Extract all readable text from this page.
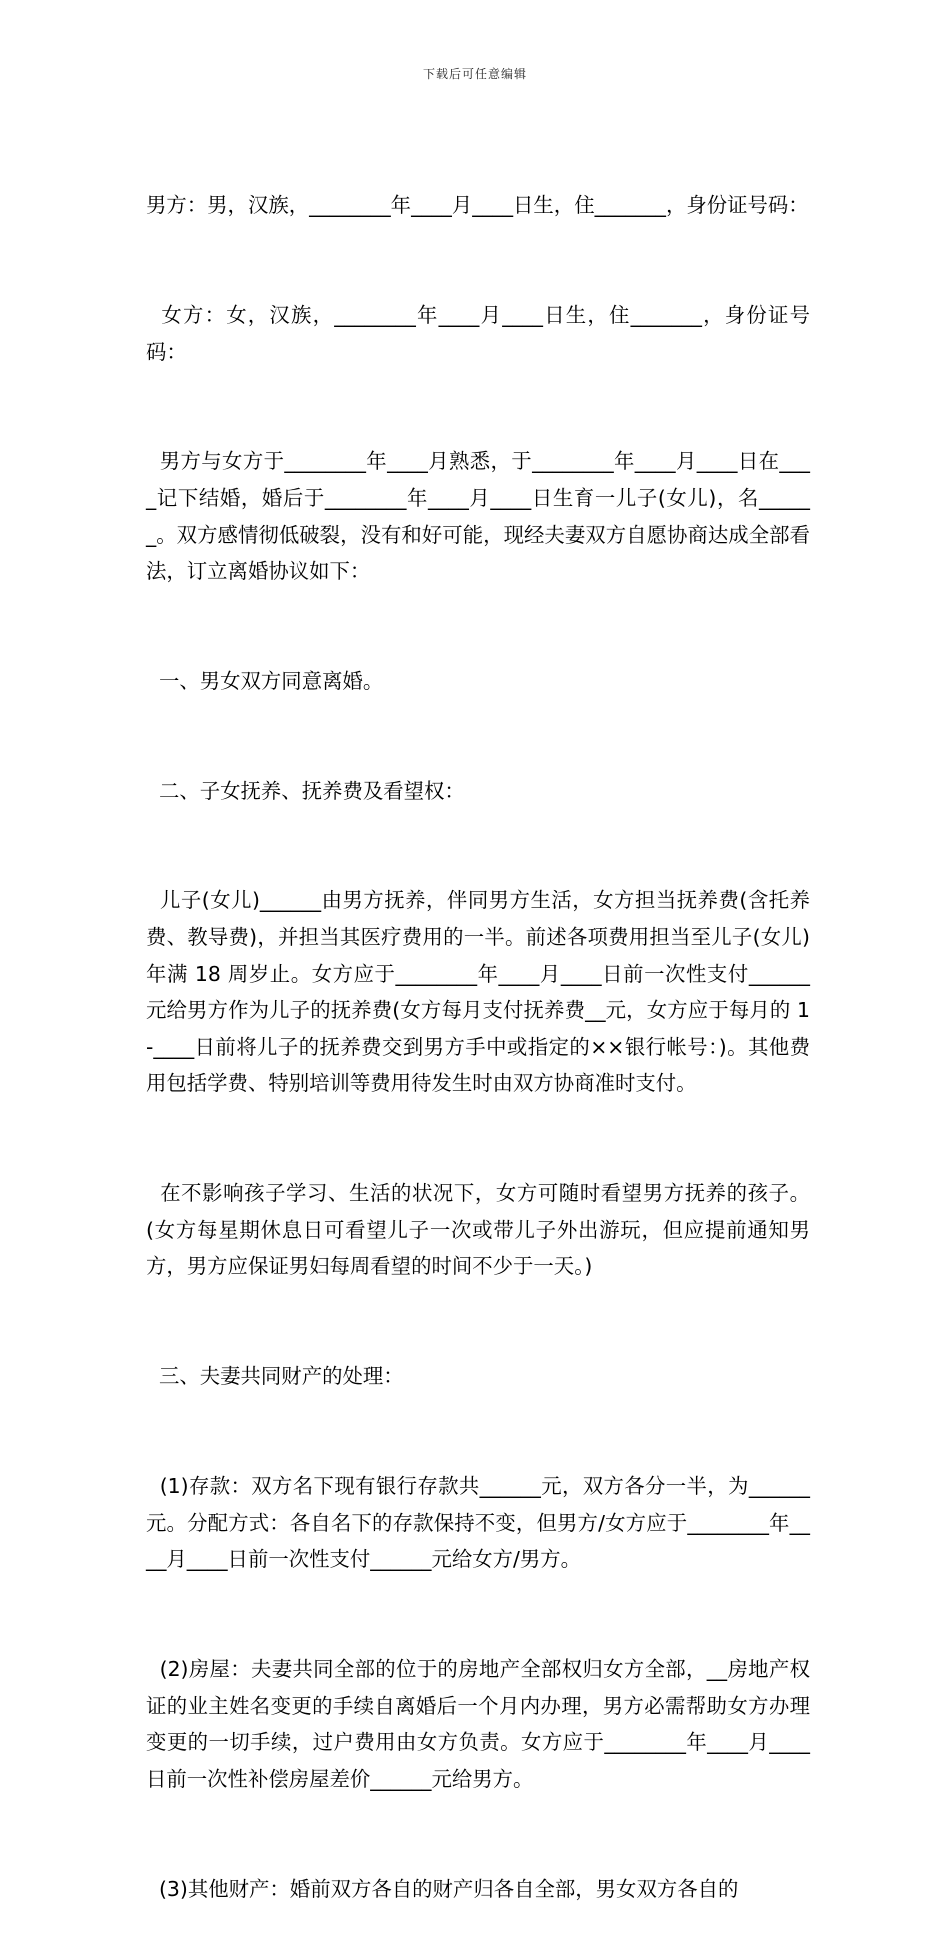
下载后可任意编辑

男方：男，汉族，________年____月____日生，住_______，身份证号码：

女方：女，汉族，________年____月____日生，住_______，身份证号码：

男方与女方于________年____月熟悉，于________年____月____日在____记下结婚，婚后于________年____月____日生育一儿子(女儿)，名______。双方感情彻低破裂，没有和好可能，现经夫妻双方自愿协商达成全部看法，订立离婚协议如下：

一、男女双方同意离婚。

二、子女抚养、抚养费及看望权：

儿子(女儿)______由男方抚养，伴同男方生活，女方担当抚养费(含托养费、教导费)，并担当其医疗费用的一半。前述各项费用担当至儿子(女儿)年满 18 周岁止。女方应于________年____月____日前一次性支付______元给男方作为儿子的抚养费(女方每月支付抚养费__元，女方应于每月的 1-____日前将儿子的抚养费交到男方手中或指定的××银行帐号：)。其他费用包括学费、特别培训等费用待发生时由双方协商准时支付。

在不影响孩子学习、生活的状况下，女方可随时看望男方抚养的孩子。(女方每星期休息日可看望儿子一次或带儿子外出游玩，但应提前通知男方，男方应保证男妇每周看望的时间不少于一天。)

三、夫妻共同财产的处理：

(1)存款：双方名下现有银行存款共______元，双方各分一半，为______元。分配方式：各自名下的存款保持不变，但男方/女方应于________年____月____日前一次性支付______元给女方/男方。

(2)房屋：夫妻共同全部的位于的房地产全部权归女方全部，__房地产权证的业主姓名变更的手续自离婚后一个月内办理，男方必需帮助女方办理变更的一切手续，过户费用由女方负责。女方应于________年____月____日前一次性补偿房屋差价______元给男方。

(3)其他财产：婚前双方各自的财产归各自全部，男女双方各自的
